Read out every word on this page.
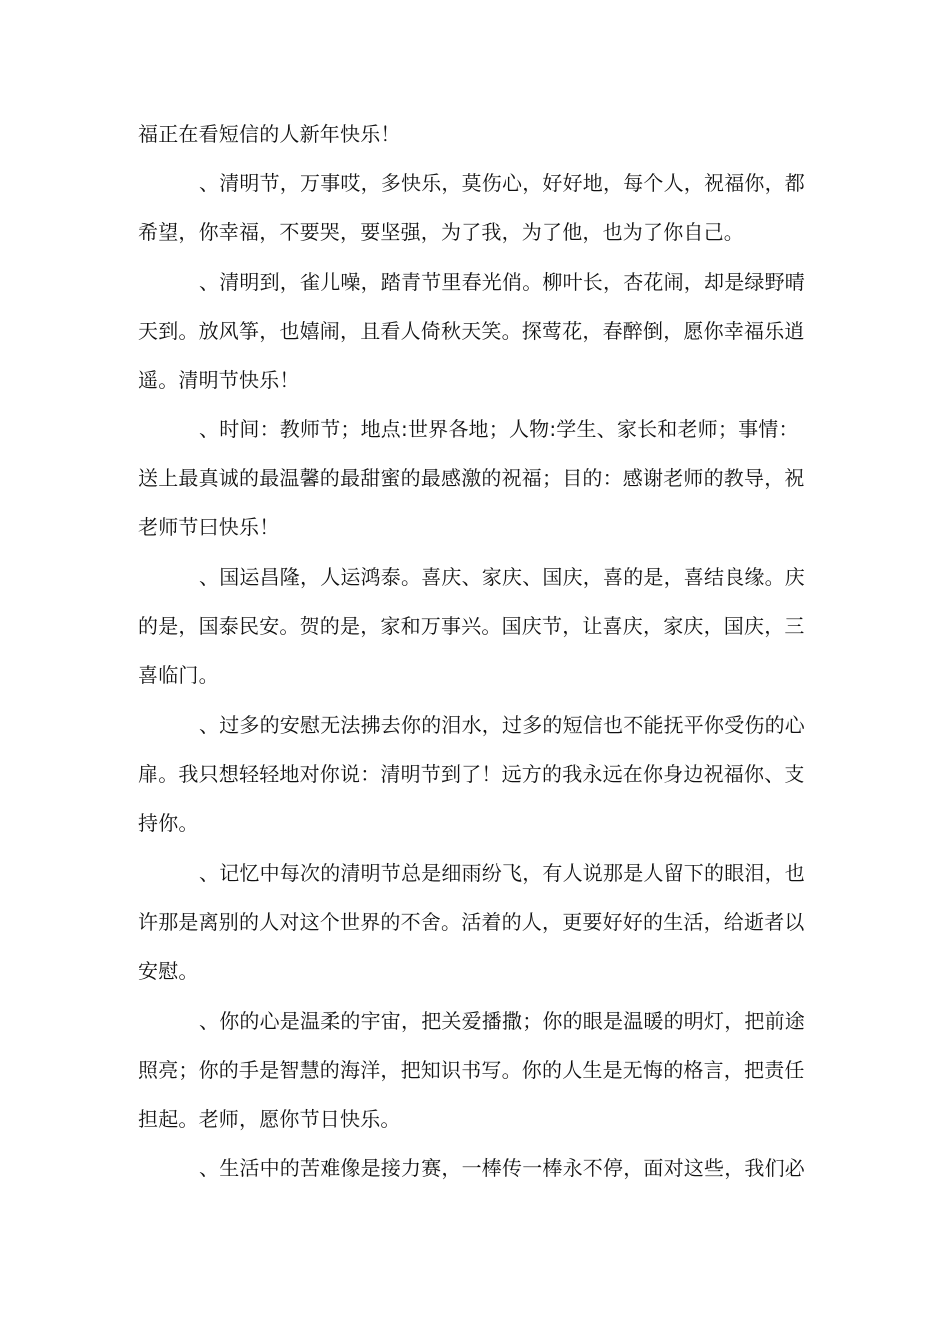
福正在看短信的人新年快乐！

、清明节，万事哎，多快乐，莫伤心，好好地，每个人，祝福你，都
希望，你幸福，不要哭，要坚强，为了我，为了他，也为了你自己。

、清明到，雀儿噪，踏青节里春光俏。柳叶长，杏花闹，却是绿野晴
天到。放风筝，也嬉闹，且看人倚秋天笑。探莺花，春醉倒，愿你幸福乐逍
遥。清明节快乐！

、时间：教师节；地点:世界各地；人物:学生、家长和老师；事情：
送上最真诚的最温馨的最甜蜜的最感激的祝福；目的：感谢老师的教导，祝
老师节曰快乐！

、国运昌隆，人运鸿泰。喜庆、家庆、国庆，喜的是，喜结良缘。庆
的是，国泰民安。贺的是，家和万事兴。国庆节，让喜庆，家庆，国庆，三
喜临门。

、过多的安慰无法拂去你的泪水，过多的短信也不能抚平你受伤的心
扉。我只想轻轻地对你说：清明节到了！远方的我永远在你身边祝福你、支
持你。

、记忆中每次的清明节总是细雨纷飞，有人说那是人留下的眼泪，也
许那是离别的人对这个世界的不舍。活着的人，更要好好的生活，给逝者以
安慰。

、你的心是温柔的宇宙，把关爱播撒；你的眼是温暖的明灯，把前途
照亮；你的手是智慧的海洋，把知识书写。你的人生是无悔的格言，把责任
担起。老师，愿你节日快乐。

、生活中的苦难像是接力赛，一棒传一棒永不停，面对这些，我们必
